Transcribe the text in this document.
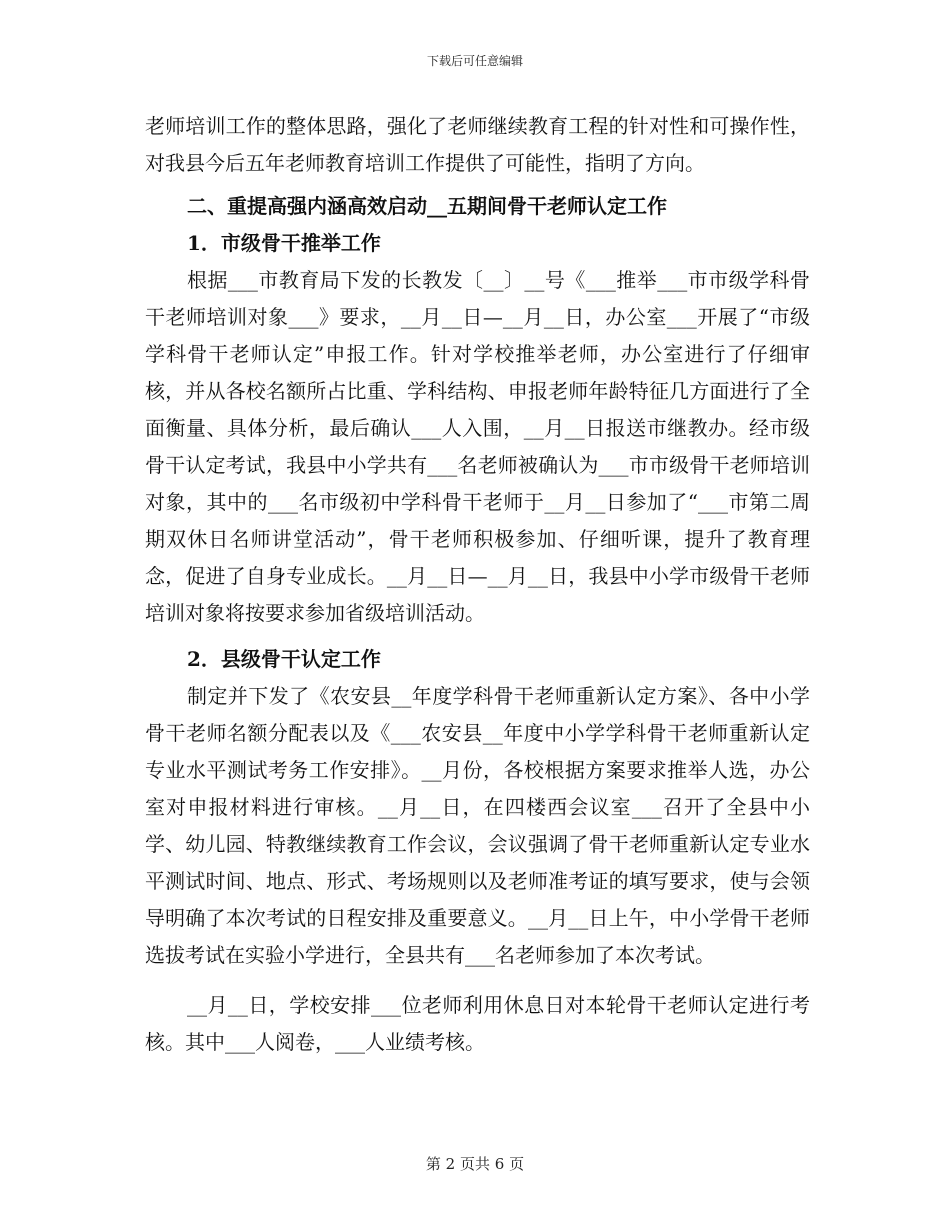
下载后可任意编辑

老师培训工作的整体思路，强化了老师继续教育工程的针对性和可操作性，对我县今后五年老师教育培训工作提供了可能性，指明了方向。

二、重提高强内涵高效启动__五期间骨干老师认定工作
1．市级骨干推举工作

根据___市教育局下发的长教发〔__〕__号《___推举___市市级学科骨干老师培训对象___》要求，__月__日—__月__日，办公室___开展了“市级学科骨干老师认定”申报工作。针对学校推举老师，办公室进行了仔细审核，并从各校名额所占比重、学科结构、申报老师年龄特征几方面进行了全面衡量、具体分析，最后确认___人入围，__月__日报送市继教办。经市级骨干认定考试，我县中小学共有___名老师被确认为___市市级骨干老师培训对象，其中的___名市级初中学科骨干老师于__月__日参加了“___市第二周期双休日名师讲堂活动”，骨干老师积极参加、仔细听课，提升了教育理念，促进了自身专业成长。__月__日—__月__日，我县中小学市级骨干老师培训对象将按要求参加省级培训活动。

2．县级骨干认定工作

制定并下发了《农安县__年度学科骨干老师重新认定方案》、各中小学骨干老师名额分配表以及《___农安县__年度中小学学科骨干老师重新认定专业水平测试考务工作安排》。__月份，各校根据方案要求推举人选，办公室对申报材料进行审核。__月__日，在四楼西会议室___召开了全县中小学、幼儿园、特教继续教育工作会议，会议强调了骨干老师重新认定专业水平测试时间、地点、形式、考场规则以及老师准考证的填写要求，使与会领导明确了本次考试的日程安排及重要意义。__月__日上午，中小学骨干老师选拔考试在实验小学进行，全县共有___名老师参加了本次考试。

__月__日，学校安排___位老师利用休息日对本轮骨干老师认定进行考核。其中___人阅卷，___人业绩考核。

第 2 页共 6 页
